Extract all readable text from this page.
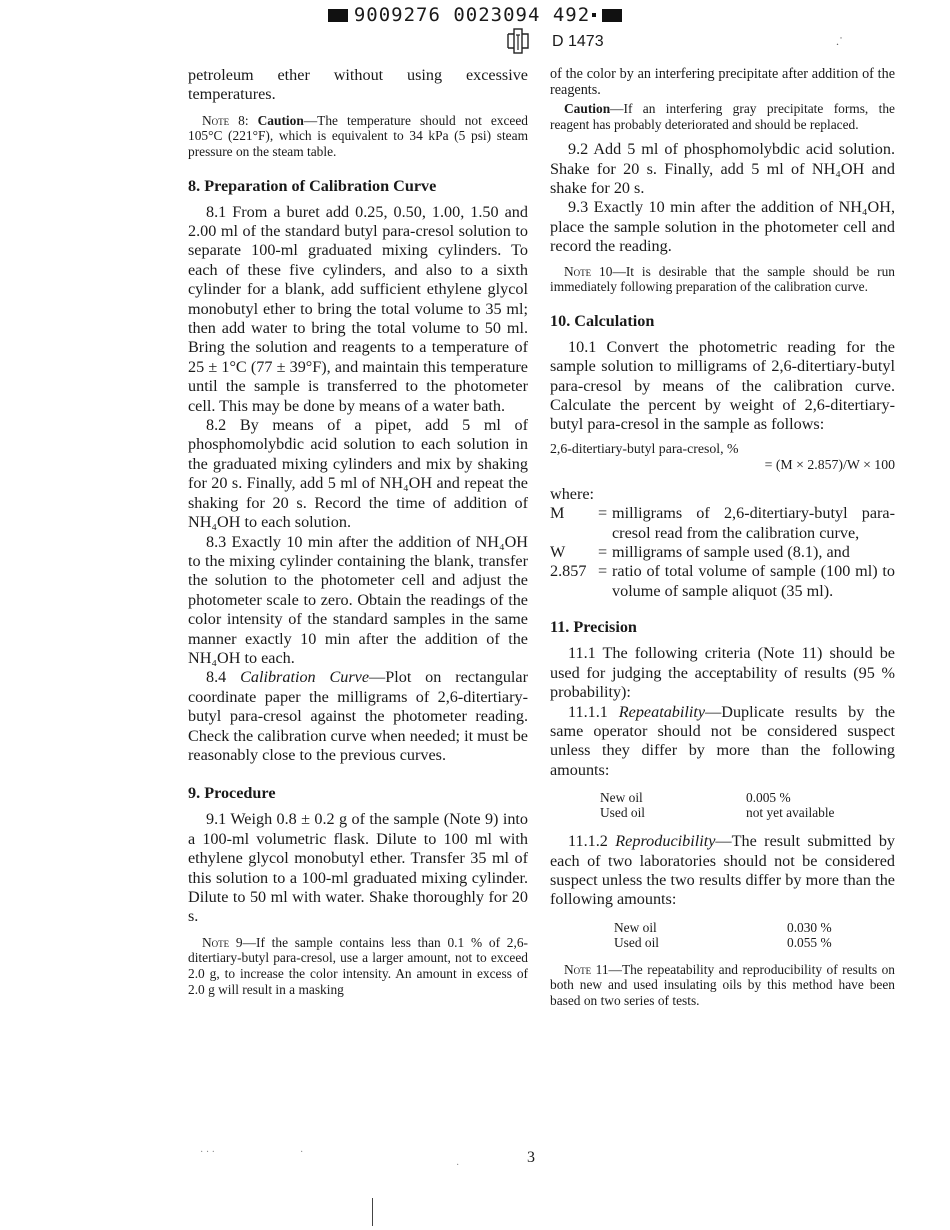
9009276 0023094 492
D 1473	.˙

petroleum ether without using excessive temperatures.

Note 8: Caution—The temperature should not exceed 105°C (221°F), which is equivalent to 34 kPa (5 psi) steam pressure on the steam table.

8. Preparation of Calibration Curve

8.1 From a buret add 0.25, 0.50, 1.00, 1.50 and 2.00 ml of the standard butyl para-cresol solution to separate 100-ml graduated mixing cylinders. To each of these five cylinders, and also to a sixth cylinder for a blank, add sufficient ethylene glycol monobutyl ether to bring the total volume to 35 ml; then add water to bring the total volume to 50 ml. Bring the solution and reagents to a temperature of 25 ± 1°C (77 ± 39°F), and maintain this temperature until the sample is transferred to the photometer cell. This may be done by means of a water bath.

8.2 By means of a pipet, add 5 ml of phosphomolybdic acid solution to each solution in the graduated mixing cylinders and mix by shaking for 20 s. Finally, add 5 ml of NH₄OH and repeat the shaking for 20 s. Record the time of addition of NH₄OH to each solution.

8.3 Exactly 10 min after the addition of NH₄OH to the mixing cylinder containing the blank, transfer the solution to the photometer cell and adjust the photometer scale to zero. Obtain the readings of the color intensity of the standard samples in the same manner exactly 10 min after the addition of the NH₄OH to each.

8.4 Calibration Curve—Plot on rectangular coordinate paper the milligrams of 2,6-ditertiary-butyl para-cresol against the photometer reading. Check the calibration curve when needed; it must be reasonably close to the previous curves.

9. Procedure

9.1 Weigh 0.8 ± 0.2 g of the sample (Note 9) into a 100-ml volumetric flask. Dilute to 100 ml with ethylene glycol monobutyl ether. Transfer 35 ml of this solution to a 100-ml graduated mixing cylinder. Dilute to 50 ml with water. Shake thoroughly for 20 s.

Note 9—If the sample contains less than 0.1 % of 2,6-ditertiary-butyl para-cresol, use a larger amount, not to exceed 2.0 g, to increase the color intensity. An amount in excess of 2.0 g will result in a masking

of the color by an interfering precipitate after addition of the reagents.

Caution—If an interfering gray precipitate forms, the reagent has probably deteriorated and should be replaced.

9.2 Add 5 ml of phosphomolybdic acid solution. Shake for 20 s. Finally, add 5 ml of NH₄OH and shake for 20 s.

9.3 Exactly 10 min after the addition of NH₄OH, place the sample solution in the photometer cell and record the reading.

Note 10—It is desirable that the sample should be run immediately following preparation of the calibration curve.

10. Calculation

10.1 Convert the photometric reading for the sample solution to milligrams of 2,6-ditertiary-butyl para-cresol by means of the calibration curve. Calculate the percent by weight of 2,6-ditertiary-butyl para-cresol in the sample as follows:

2,6-ditertiary-butyl para-cresol, %

= (M × 2.857)/W × 100

where:

M	=	milligrams of 2,6-ditertiary-butyl para-cresol read from the calibration curve,
W	=	milligrams of sample used (8.1), and
2.857	=	ratio of total volume of sample (100 ml) to volume of sample aliquot (35 ml).
11. Precision

11.1 The following criteria (Note 11) should be used for judging the acceptability of results (95 % probability):

11.1.1 Repeatability—Duplicate results by the same operator should not be considered suspect unless they differ by more than the following amounts:

New oil	0.005 %
Used oil	not yet available

11.1.2 Reproducibility—The result submitted by each of two laboratories should not be considered suspect unless the two results differ by more than the following amounts:

New oil	0.030 %
Used oil	0.055 %

Note 11—The repeatability and reproducibility of results on both new and used insulating oils by this method have been based on two series of tests.

3
· · ·	·
·
